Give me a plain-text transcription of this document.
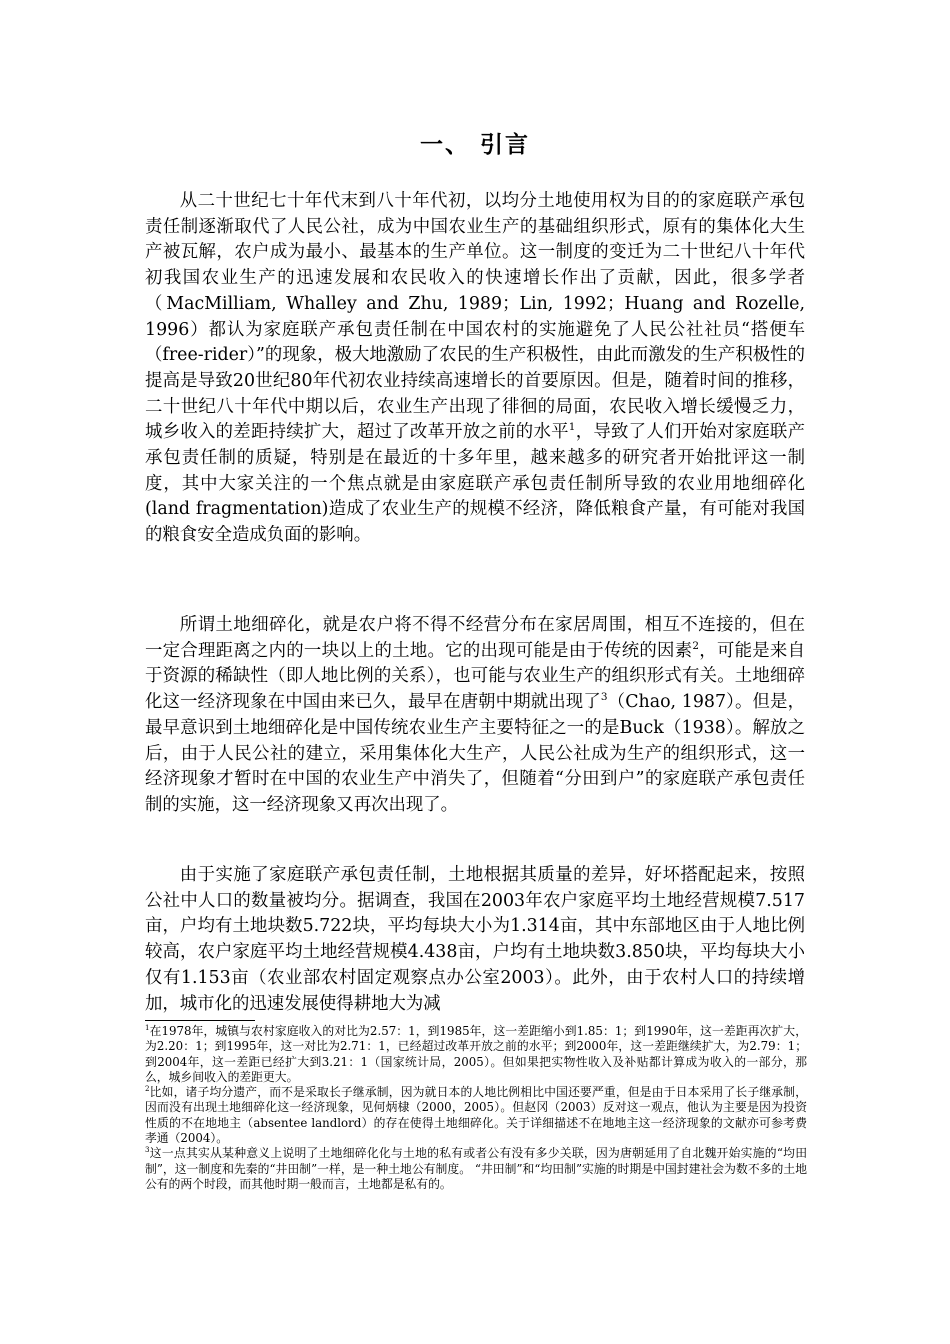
一、 引言

从二十世纪七十年代末到八十年代初，以均分土地使用权为目的的家庭联产承包责任制逐渐取代了人民公社，成为中国农业生产的基础组织形式，原有的集体化大生产被瓦解，农户成为最小、最基本的生产单位。这一制度的变迁为二十世纪八十年代初我国农业生产的迅速发展和农民收入的快速增长作出了贡献，因此，很多学者（MacMilliam, Whalley and Zhu, 1989；Lin, 1992；Huang and Rozelle, 1996）都认为家庭联产承包责任制在中国农村的实施避免了人民公社社员“搭便车（free-rider）”的现象，极大地激励了农民的生产积极性，由此而激发的生产积极性的提高是导致20世纪80年代初农业持续高速增长的首要原因。但是，随着时间的推移，二十世纪八十年代中期以后，农业生产出现了徘徊的局面，农民收入增长缓慢乏力，城乡收入的差距持续扩大，超过了改革开放之前的水平$^1$，导致了人们开始对家庭联产承包责任制的质疑，特别是在最近的十多年里，越来越多的研究者开始批评这一制度，其中大家关注的一个焦点就是由家庭联产承包责任制所导致的农业用地细碎化(land fragmentation)造成了农业生产的规模不经济，降低粮食产量，有可能对我国的粮食安全造成负面的影响。

所谓土地细碎化，就是农户将不得不经营分布在家居周围，相互不连接的，但在一定合理距离之内的一块以上的土地。它的出现可能是由于传统的因素$^2$，可能是来自于资源的稀缺性（即人地比例的关系），也可能与农业生产的组织形式有关。土地细碎化这一经济现象在中国由来已久，最早在唐朝中期就出现了$^3$（Chao, 1987）。但是，最早意识到土地细碎化是中国传统农业生产主要特征之一的是Buck（1938）。解放之后，由于人民公社的建立，采用集体化大生产，人民公社成为生产的组织形式，这一经济现象才暂时在中国的农业生产中消失了，但随着“分田到户”的家庭联产承包责任制的实施，这一经济现象又再次出现了。

由于实施了家庭联产承包责任制，土地根据其质量的差异，好坏搭配起来，按照公社中人口的数量被均分。据调查，我国在2003年农户家庭平均土地经营规模7.517亩，户均有土地块数5.722块，平均每块大小为1.314亩，其中东部地区由于人地比例较高，农户家庭平均土地经营规模4.438亩，户均有土地块数3.850块，平均每块大小仅有1.153亩（农业部农村固定观察点办公室2003）。此外，由于农村人口的持续增加，城市化的迅速发展使得耕地大为减

$^1$在1978年，城镇与农村家庭收入的对比为2.57：1，到1985年，这一差距缩小到1.85：1；到1990年，这一差距再次扩大，为2.20：1；到1995年，这一对比为2.71：1，已经超过改革开放之前的水平；到2000年，这一差距继续扩大，为2.79：1；到2004年，这一差距已经扩大到3.21：1（国家统计局，2005）。但如果把实物性收入及补贴都计算成为收入的一部分，那么，城乡间收入的差距更大。

$^2$比如，诸子均分遗产，而不是采取长子继承制，因为就日本的人地比例相比中国还要严重，但是由于日本采用了长子继承制，因而没有出现土地细碎化这一经济现象，见何炳棣（2000，2005）。但赵冈（2003）反对这一观点，他认为主要是因为投资性质的不在地地主（absentee landlord）的存在使得土地细碎化。关于详细描述不在地地主这一经济现象的文献亦可参考费孝通（2004）。

$^3$这一点其实从某种意义上说明了土地细碎化化与土地的私有或者公有没有多少关联，因为唐朝延用了自北魏开始实施的“均田制”，这一制度和先秦的“井田制”一样，是一种土地公有制度。 “井田制”和“均田制”实施的时期是中国封建社会为数不多的土地公有的两个时段，而其他时期一般而言，土地都是私有的。
